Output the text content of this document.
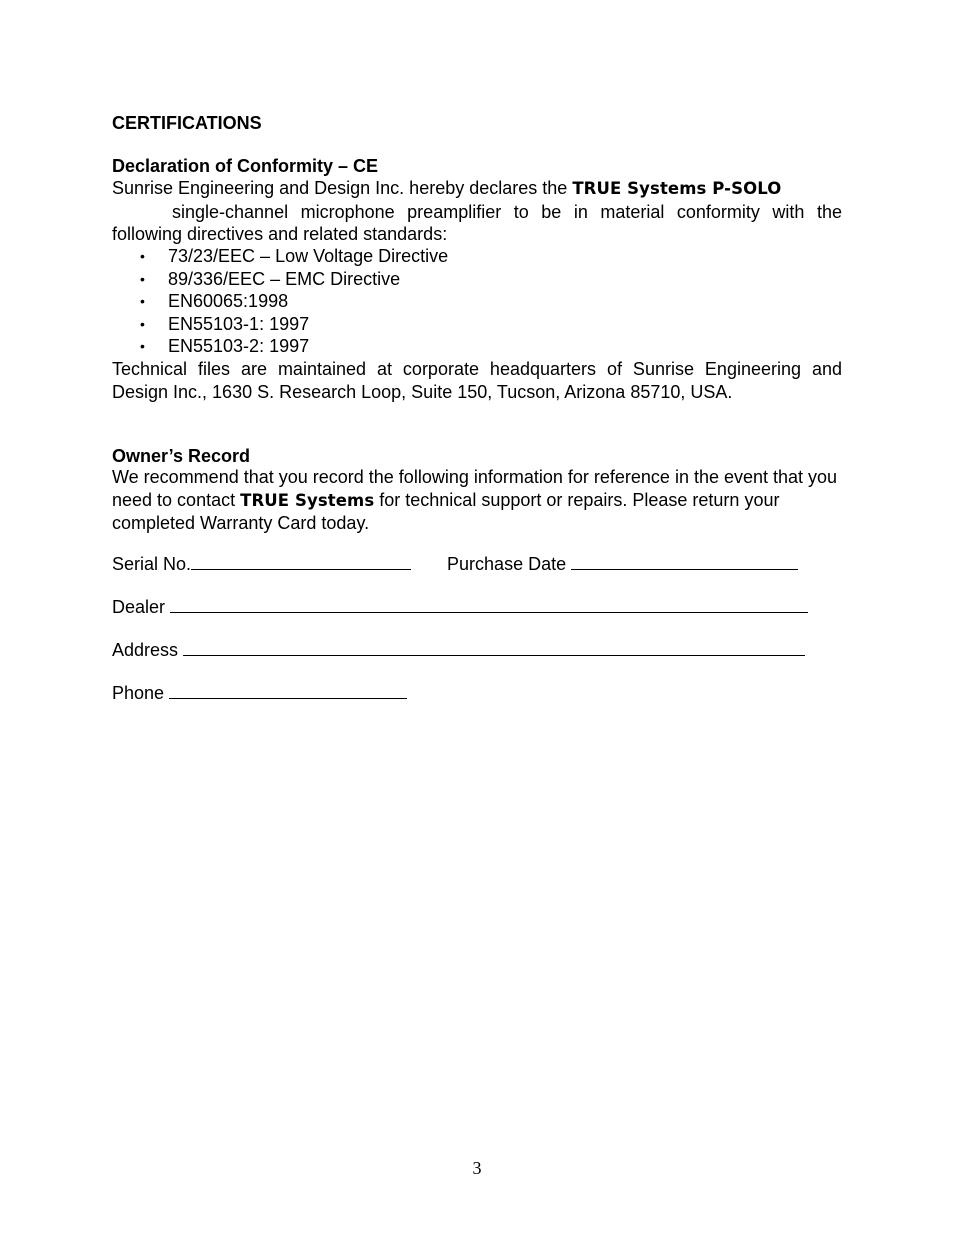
CERTIFICATIONS
Declaration of Conformity – CE
Sunrise Engineering and Design Inc. hereby declares the TRUE Systems P-SOLO
single-channel microphone preamplifier to be in material conformity with the following directives and related standards:
• 73/23/EEC – Low Voltage Directive
• 89/336/EEC – EMC Directive
• EN60065:1998
• EN55103-1: 1997
• EN55103-2: 1997
Technical files are maintained at corporate headquarters of Sunrise Engineering and Design Inc., 1630 S. Research Loop, Suite 150, Tucson, Arizona 85710, USA.
Owner’s Record
We recommend that you record the following information for reference in the event that you need to contact TRUE Systems for technical support or repairs. Please return your completed Warranty Card today.
Serial No.	Purchase Date
Dealer
Address
Phone
3
